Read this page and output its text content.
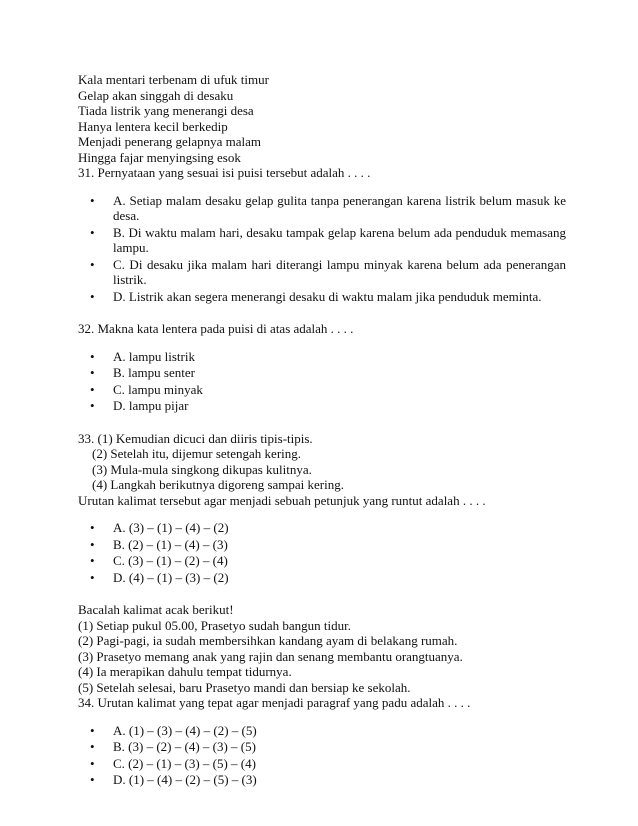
Kala mentari terbenam di ufuk timur
Gelap akan singgah di desaku
Tiada listrik yang menerangi desa
Hanya lentera kecil berkedip
Menjadi penerang gelapnya malam
Hingga fajar menyingsing esok
31. Pernyataan yang sesuai isi puisi tersebut adalah . . . .
•	A. Setiap malam desaku gelap gulita tanpa penerangan karena listrik belum masuk ke desa.
•	B. Di waktu malam hari, desaku tampak gelap karena belum ada penduduk memasang lampu.
•	C. Di desaku jika malam hari diterangi lampu minyak karena belum ada penerangan listrik.
•	D. Listrik akan segera menerangi desaku di waktu malam jika penduduk meminta.
32. Makna kata lentera pada puisi di atas adalah . . . .
•	A. lampu listrik
•	B. lampu senter
•	C. lampu minyak
•	D. lampu pijar
33. (1) Kemudian dicuci dan diiris tipis-tipis.
(2) Setelah itu, dijemur setengah kering.
(3) Mula-mula singkong dikupas kulitnya.
(4) Langkah berikutnya digoreng sampai kering.
Urutan kalimat tersebut agar menjadi sebuah petunjuk yang runtut adalah . . . .
•	A. (3) – (1) – (4) – (2)
•	B. (2) – (1) – (4) – (3)
•	C. (3) – (1) – (2) – (4)
•	D. (4) – (1) – (3) – (2)
Bacalah kalimat acak berikut!
(1) Setiap pukul 05.00, Prasetyo sudah bangun tidur.
(2) Pagi-pagi, ia sudah membersihkan kandang ayam di belakang rumah.
(3) Prasetyo memang anak yang rajin dan senang membantu orangtuanya.
(4) Ia merapikan dahulu tempat tidurnya.
(5) Setelah selesai, baru Prasetyo mandi dan bersiap ke sekolah.
34. Urutan kalimat yang tepat agar menjadi paragraf yang padu adalah . . . .
•	A. (1) – (3) – (4) – (2) – (5)
•	B. (3) – (2) – (4) – (3) – (5)
•	C. (2) – (1) – (3) – (5) – (4)
•	D. (1) – (4) – (2) – (5) – (3)
